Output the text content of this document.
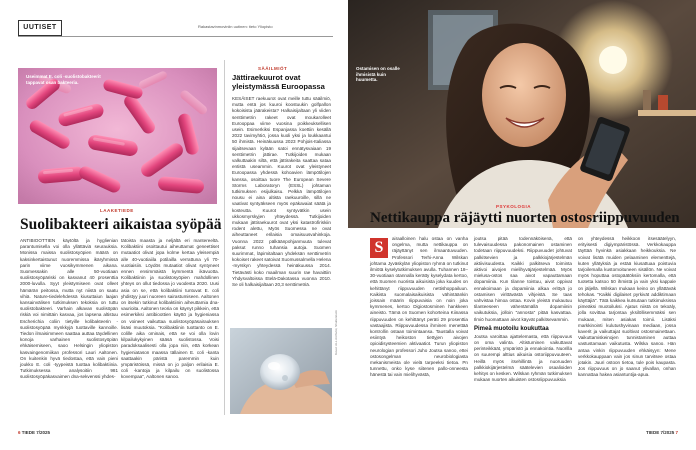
UUTISET	Rakastavinmoviniin uutinen: tieto Yliopisto
Useimmat E. coli -suolistobakteerit tappavat osan bakteeria.
LAAKETIEDE
Suolibakteeri aikaistaa syöpää
ANTIBIOOTTIEN käytöltä ja hyglienian parantumisella voi olla yllättäviä seurauksia. Monissa maissa suolistosyöpien määrä on kaksinkertaistunut nuoremmissa ikäryhmissä parin viime vuosikymmenen aikana. Suomessakin alle 50-vuotiaan suolistosyöpäriski on kasvanut 40 prosenttia 2000-luvulla. Syyt yleistymiseen ovat olleet hämärän peitossa, mutta nyt niistä on saatu vihiä. Nature-tiedelehdessä kiusuttaiun laajan kansainvälisen tutkimuksen tekoksia on tuttu suolistobakteeri. Varhain alkavan suolisöpän riskiä voi nimittäin kasvaa, jos lapsena altistuu Escherichia coliin tietyille kolibakteerin -suolistosyöpää mynkkyjä tuottaville kannoille. Tiedon ilmaisimmeen saattaa auttaa täydellinen konoja varhainen suolistosyöpiän ehkäisemiseen, saoo Helsingin yliopiston kasvaingenomiikan professori Lauri Aaltonen. On kuitenkin hyvä tiedostaa, että vain pieni joukko E. coli -tyypeistä tuottaa kolibaktiinia. Tutkimuksessa analysoitiin 981 suolistosyöpäkasvaimen dna-sekvenssi yhdes-
tätoista maasta ja neljältä eri mantereeltä. Kolibaktiini osoittautui aiheuttamat geneettiset mutaatiot olivat jopa kolme kertaa yleisempiä alle 40-vuotiaiila potilailla verrattuna yli 70-vuotiaisiin. Löydös mutaatiot olivat syntyneet ennen ensimmäistä kymmentä ikävuotta. Kolibaktiinin ja suolistosyöpien mahdollinen yhteys on ollut tiedossa jo vuodesta 2020. Uusi asia on se, että kolibaktiini tuntuvat E. coli yhdistyy juuri nuoreen sairastumiseen. Aaltonen on itsekin tutkinut kolibaktiinin aiheuttamia dna-vaurioita. Aaltonen teoria on käynyt pikkein, että esimerkiksi antibioottien käyttö ja hygieniassa on voineet vaikuttaa suolistosyöpäsairauksen lisäsi muutoksia. "Kolibaktiinin tuottanto on E. colille aika ominais, että se voi olla lovin kilpailukykyinen sääsä suolistossa. Voisi paradoksaalisesti olla jopa niin, että korkean hygieniatason maassa tällainen E. coli -kanta saattaakin päristä paremmin kuin ympäristöissä, missä on jo paljon erilaisia E. coli -kantoja ja kilpailu on suolistossa kovempaa", Aaltonen sanoo.
SÄÄILMIÖT
Jättiraekuurot ovat yleistymässä Euroopassa
KESÄISET raekuurot ovat meille tuttu sääilmiö, mutta entä jos kuuroi koostuukin golfpallon kokoisista jäärakeista? Halkaisijaltaan yli viiden senttimetrin rakeet ovat moukarolleet Eurooppaa viime vuosina poikkeuksellisen usein. Esimerkiksi Espanjassa koettiin kesällä 2022 tavimyhtiö, jossa kuoli yksi ja loukkaantui 50 ihmistä. Heinäkuussa 2023 Pohjois-Italiassa sijaitsevaan kylään satoi ennätysvaiaan 19 senttimetrin jättirae. Tutkijoiden mukaan valkuttaakin siltä, että jättirakeita saattaa sataa entistä useammin. Kuurot ovat yleistyneet Euroopassa yhdessä kohoavien lämpötilojen kanssa, osoittaa tuore The European Severe Storms Laboratoryn (ESSL) johtaman tutkimuksen esijulkaisu. Pelkkä lämpötilojen nousu ei aina altista raekuuroille, sillä ne vaativat syntyäkseen myös epäkavaiat säätä ja kosteutta. Kuurot syntyvätkin usein ukkosmyrskyjen yhteydessä. Tutkijoiden mukaan jättiraekuurot ovat yksi katastrofiriskiin rodent alettu, Myös Suomessa ne ovat aiheuttaneet erilaisia omaisuusvahinkoja. Vuonna 2022 pälkäänpohjanmuuta tulevat paksut runno tuhansia autoja. Suomen suurimmat, läpimitaltaan yhdeksän senttimetrin kokoiset rakeet satoivat Suomussalmella Helena -myrskyn yhteydessä heinäkuussa 2014. Tietävästi koko maailman suurin rae havaittiin Yhdysvaltoissa Etelä-Dakotassa vuonna 2010. Se oli halkaisijaltaan 20,3 senttimetriä.
Kuvat: ALL Archivist, Shutterstock
6 TIEDE 7/2025
Ostamisen on osalle ihmisistä kuin huumetta.
PSYKOLOGIA
Nettikauppa räjäytti nuorten ostosriippuvuuden
airaalloinen halu ostaa on vanha ongelma, mutta nettikauppa on räjäyttänyt sen ilmaantuvuuden. Professori Terhi-Anna Wilskan johtama Jyväskylän yliopiston ryhmä on tutkinut ilmiötä kyselytutkimuksen avulla. Tuhannen 18–30-vuotiaan otannalla kerätty kyselydata kertoo, että Suomen nuorista aikuisista joka kuudes on kehittänyt riippuvuuden nettishoppailuun. Kaikista suomalaisaikuisista vähintäänkin joissain määrin riippuvaisia on noin joka kymmenes, kertoo Digiostosminen hankkeen aineisto. Tämä on Suomen kohorteina Kiinassa riippuvuuden on kehittänyt peräti 29 prosenttia vastaajista. Riippuvuudessa ihminen menettää kontrollin ostaan toimintaansa. Taustalla voivat esiintyä heikoston tiettyjen aivojen opioidisysteemien aktivaatiot. Turun yliopiston neurologian professori Juho Joutsa sanoo, ettei ostosongelman neurobiologiasta mekanismeista ole vielä tarpeeksi tietoa. Pn tunnettu, onko kyse siitenen pallo-onneesta hänestä tai vain mielihyvästä,
S
joutsa pitää todennäköisenä, että tulevaisuudessa pakonomainen ostaminen todetaan riippuvuudeksi. Riippuvuudet johtuvat palkitsevien ja palkkiojärjestelmän aktiivisuudesta. Kaikki palkitseva toiminta aktivoi aivojen mielihyväjärjestelmää. Myös mielusa-ostos saa aivot vapauttamaan dopamiinia. Kun tilanne toistuu, aivot oppivat ennakoimaan ja dopamiinia alkaa erittyä jo ostamisen virittävästä vihjeistä. Se taas vahvistaa himoa ostaa. Kovin yleistä mukautuu tilanteeseen vähentämällä dopamiinin vaikutuksia, jolloin "annosta" pitää kasvattaa. Ilmiö huomattaan aivot käyvät palkitsevammin.
Pimeä muotoilu koukuttaa
Joutsa varoittaa ajattelemasta, että riippuvuus on oma valinta. Altistuminen vaikuttavat perinteikkäät, ympäristö ja ennakointia. Nuorilla on suurempi alttius aikuisia ostoriippuvuuteen. Heillä myös itsehillintä ja nuoruuden palkkiokijärjestelmä säätelevien osaalioiden kehitys on kesken. Wilskan ryhmän tutkimuksen mukaan nuorten aikuisten ostosriippuvuuksia
on yhteydessä heikkoon itsesäätelyyn, erityisesti digiympäristössä. Verkkokauppa täyttää hyvinkä asiakkaan heikkouksia. Ne voivat lisätä muiden pelaaminen elementtejä, kuten yllätyksiä ja estää kiusattuaa poistuvia tarjoilemalla kustomoituneen sisällön. Ne voivat myös hoputtaa ostopäätöksiin kertomalla, että tuotetta katsoo 50 ihmistä ja vain yksi kappale on jäljellä. Wilskan mukaan keino on yllättäväk tehokas. "Kaikki digilaiset pyrkivät addiktimaan käyttäjiä". Tätä kaikkea kutsutaan tutkimuksissa pimeäksi muotoiluksi. Ajatus niistä on tekoäly, jolla sovittaa tarjontaa yksilöllisemmäksi sen mukaan, miten asiakas toimii. Lisäksi markkinointi kulutushyvinaan mediaan, jossa kaverit ja vaikuttajat suoltivat ostosmainettaan. Vaikuttamiskeinojen tunnistaminen auttaa vastustamaan vaikutusta. Wilska sanoo. Hän antaa vinkin riippuvuuden ehkäisyyn: Mene verkkokauppaan vain jos sinun tarvitsee ostaa jotakin. Juuri ostoon tietoa, tule pois kaupasta. Jos riippuvuus on jo saanut ylivallan, onhan kannattaa hakea asiantuntija-apua.
TIEDE 7/2025 7
